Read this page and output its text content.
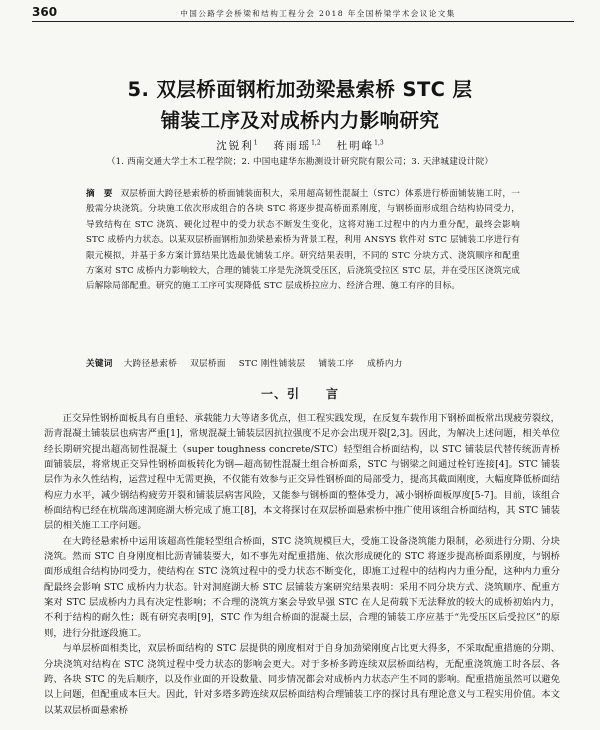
360	中国公路学会桥梁和结构工程分会 2018 年全国桥梁学术会议论文集
5. 双层桥面钢桁加劲梁悬索桥 STC 层
铺装工序及对成桥内力影响研究
沈锐利$^1$ 蒋雨瑶$^{1,2}$ 杜明峰$^{1,3}$
（1. 西南交通大学土木工程学院；2. 中国电建华东勘测设计研究院有限公司；3. 天津城建设计院）
摘　要 双层桥面大跨径悬索桥的桥面铺装面积大，采用超高韧性混凝土（STC）体系进行桥面铺装施工时，一般需分块浇筑。分块施工依次形成组合的各块 STC 将逐步提高桥面系刚度，与钢桥面形成组合结构协同受力，导致结构在 STC 浇筑、硬化过程中的受力状态不断发生变化，这将对施工过程中的内力重分配，最终会影响 STC 成桥内力状态。以某双层桥面钢桁加劲梁悬索桥为背景工程，利用 ANSYS 软件对 STC 层铺装工序进行有限元模拟，并基于多方案计算结果比选最优铺装工序。研究结果表明，不同的 STC 分块方式、浇筑顺序和配重方案对 STC 成桥内力影响较大，合理的铺装工序是先浇筑受压区，后浇筑受拉区 STC 层，并在受压区浇筑完成后解除局部配重。研究的施工工序可实现降低 STC 层成桥拉应力、经济合理、施工有序的目标。
关键词 大跨径悬索桥 双层桥面 STC 刚性铺装层 铺装工序 成桥内力
一、引　　言

正交异性钢桥面板具有自重轻、承载能力大等诸多优点，但工程实践发现，在反复车载作用下钢桥面板常出现疲劳裂纹，沥青混凝土铺装层也病害严重[1]，常规混凝土铺装层因抗拉强度不足亦会出现开裂[2,3]。因此，为解决上述问题，相关单位经长期研究提出超高韧性混凝土（super toughness concrete/STC）轻型组合桥面结构，以 STC 铺装层代替传统沥青桥面铺装层，将常规正交异性钢桥面板转化为钢—超高韧性混凝土组合桥面系，STC 与钢梁之间通过栓钉连接[4]。STC 铺装层作为永久性结构，运营过程中无需更换，不仅能有效参与正交异性钢桥面的局部受力，提高其截面刚度，大幅度降低桥面结构应力水平，减少钢结构疲劳开裂和铺装层病害风险，又能参与钢桥面的整体受力，减小钢桥面板厚度[5-7]。目前，该组合桥面结构已经在杭瑞高速洞庭湖大桥完成了施工[8]，本文将探讨在双层桥面悬索桥中推广使用该组合桥面结构，其 STC 铺装层的相关施工工序问题。

在大跨径悬索桥中运用该超高性能轻型组合桥面，STC 浇筑规模巨大，受施工设备浇筑能力限制，必须进行分期、分块浇筑。然而 STC 自身刚度相比沥青铺装要大，如不事先对配重措施、依次形成硬化的 STC 将逐步提高桥面系刚度，与钢桥面形成组合结构协同受力，使结构在 STC 浇筑过程中的受力状态不断变化，即施工过程中的结构内力重分配，这种内力重分配最终会影响 STC 成桥内力状态。针对洞庭湖大桥 STC 层铺装方案研究结果表明：采用不同分块方式、浇筑顺序、配重方案对 STC 层成桥内力具有决定性影响；不合理的浇筑方案会导致早强 STC 在人足荷载下无法释放的较大的成桥初始内力，不利于结构的耐久性；既有研究表明[9]，STC 作为组合桥面的混凝土层，合理的铺装工序应基于“先受压区后受拉区”的原则，进行分批逐段施工。

与单层桥面相类比，双层桥面结构的 STC 层提供的刚度相对于自身加劲梁刚度占比更大得多，不采取配重措施的分期、分块浇筑对结构在 STC 浇筑过程中受力状态的影响会更大。对于多桥多跨连续双层桥面结构，无配重浇筑施工时各层、各跨、各块 STC 的先后顺序，以及作业面的开设数量、同步情况都会对成桥内力状态产生不同的影响。配重措施虽然可以避免以上问题，但配重成本巨大。因此，针对多塔多跨连续双层桥面结构合理铺装工序的探讨具有理论意义与工程实用价值。本文以某双层桥面悬索桥
